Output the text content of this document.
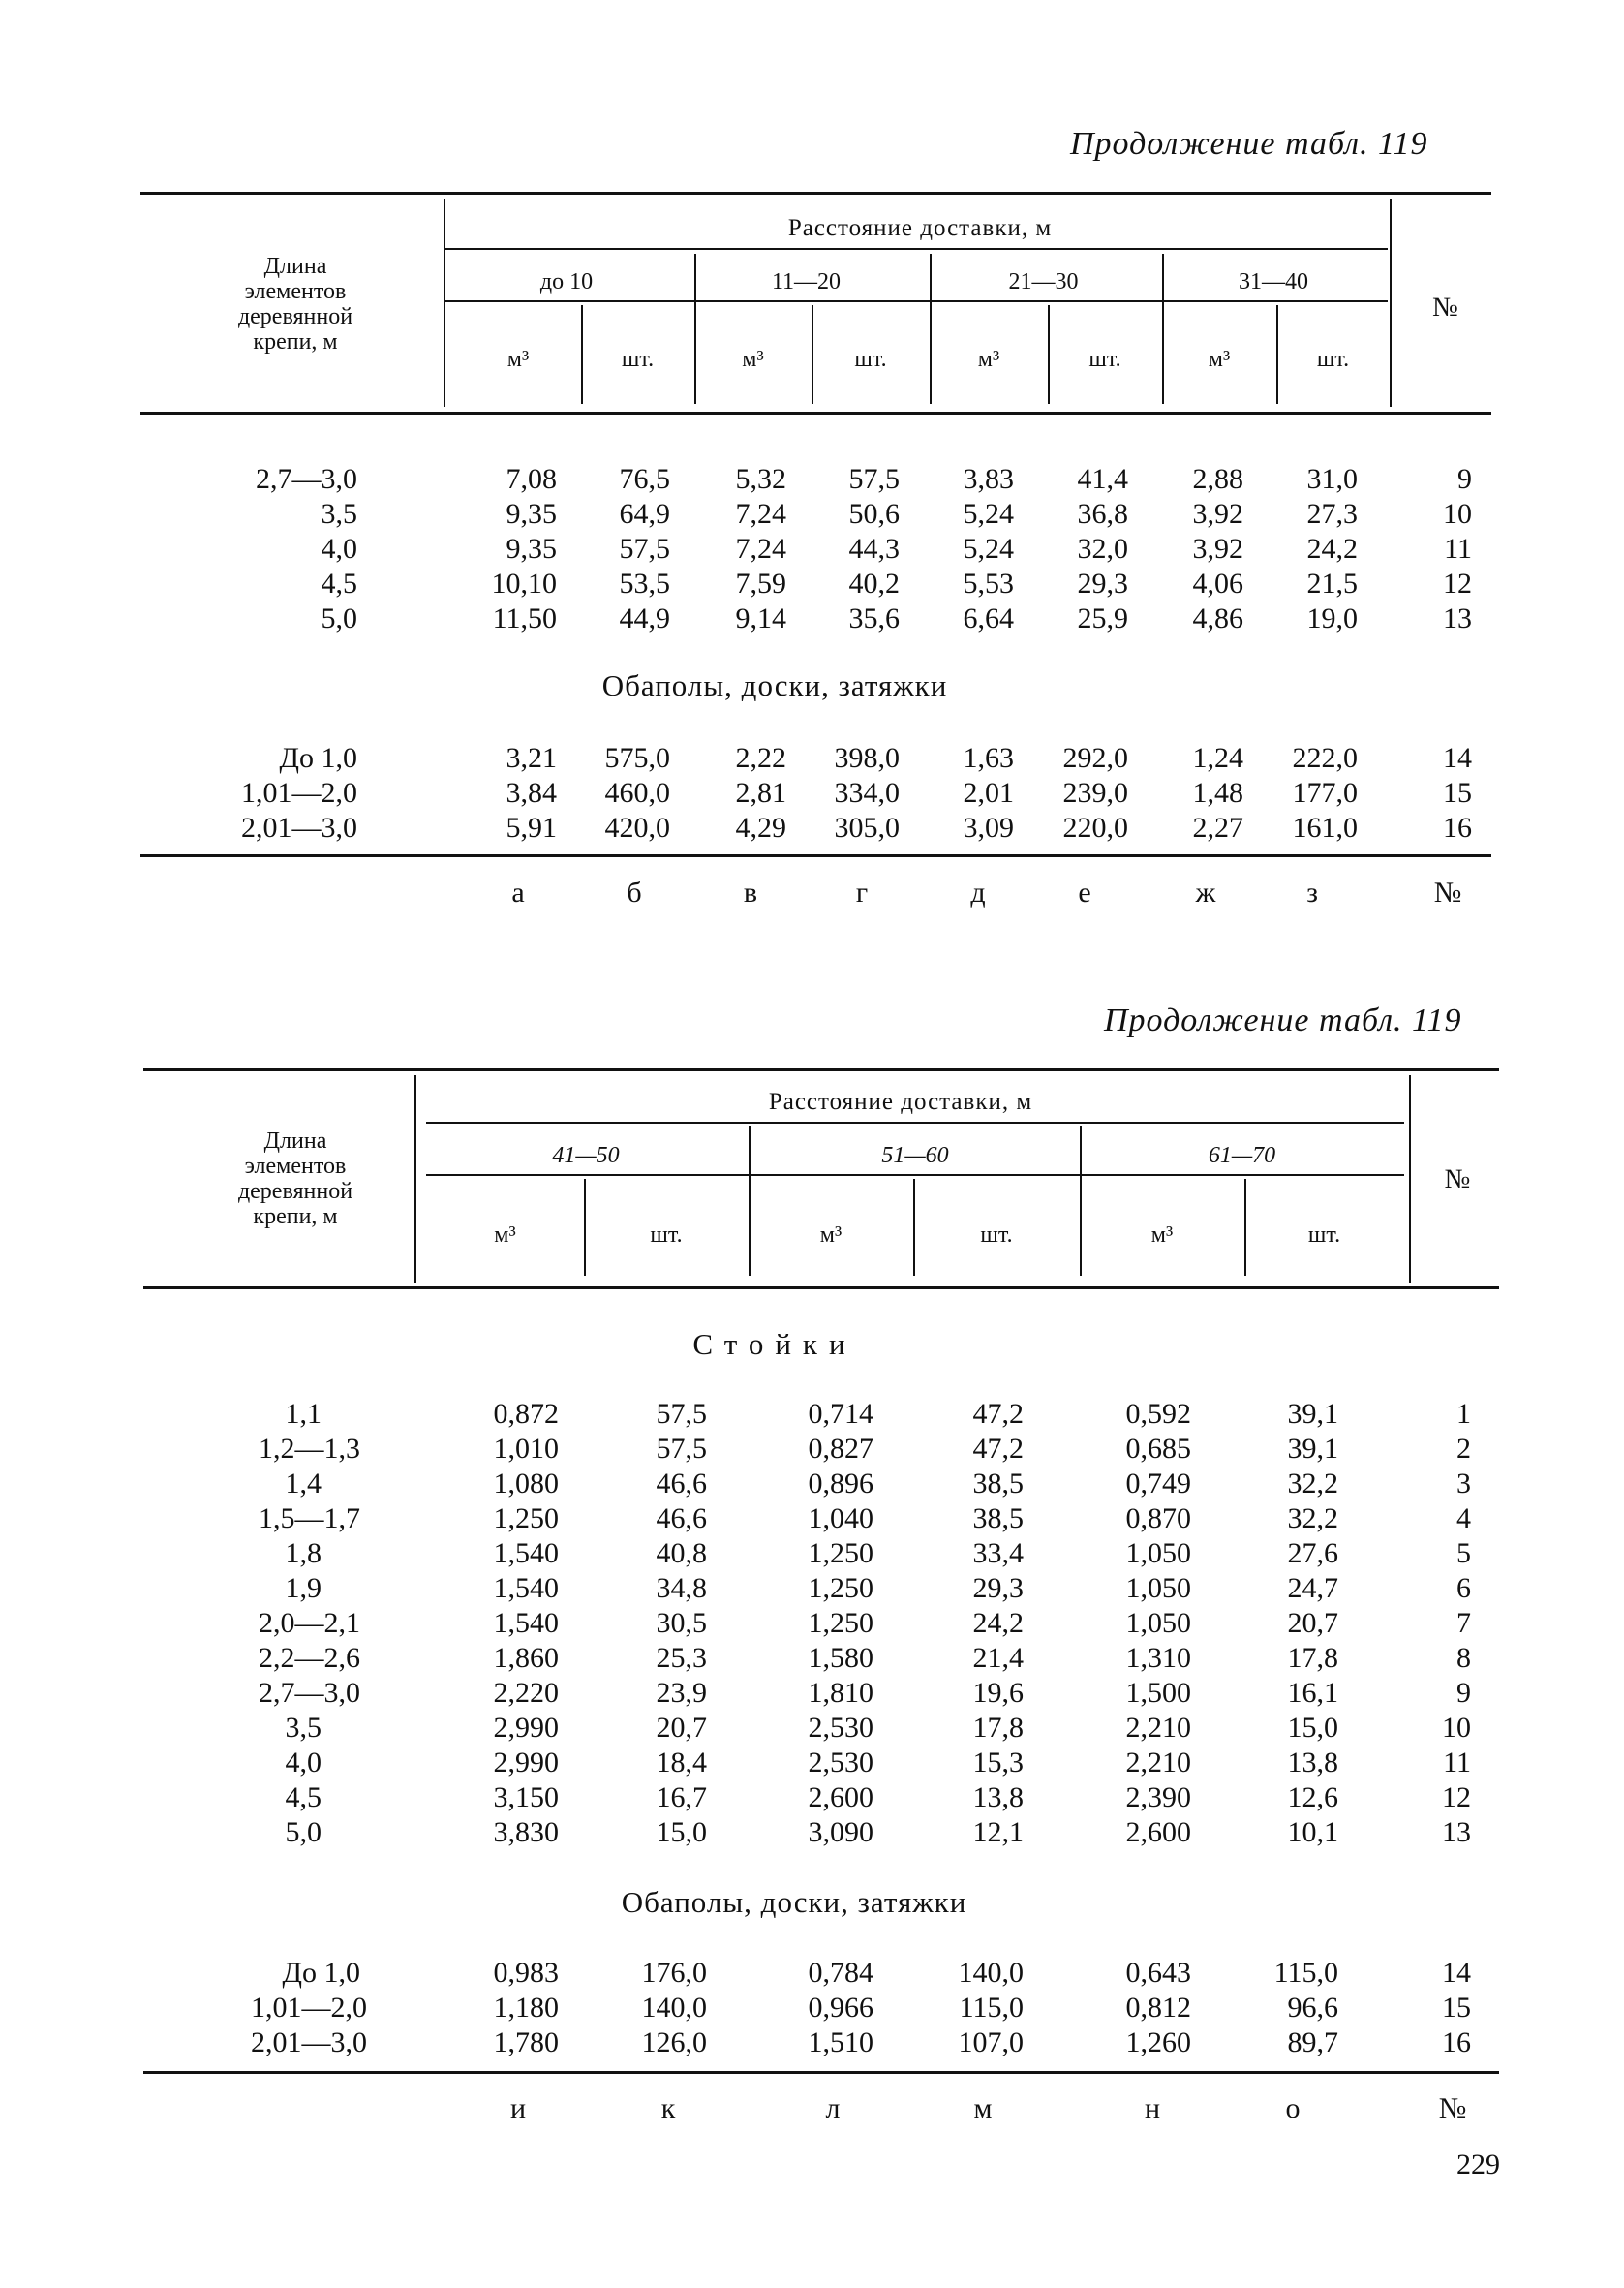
Продолжение табл. 119
Длина
элементов
деревянной
крепи, м
Расстояние доставки, м
до 10	11—20	21—30	31—40
м³	шт.	м³	шт.	м³	шт.	м³	шт.
№
2,7—3,0	7,08 76,5 5,32 57,5 3,83 41,4 2,88 31,0	9
3,5	9,35 64,9 7,24 50,6 5,24 36,8 3,92 27,3	10
4,0	9,35 57,5 7,24 44,3 5,24 32,0 3,92 24,2	11
4,5	10,10 53,5 7,59 40,2 5,53 29,3 4,06 21,5	12
5,0	11,50 44,9 9,14 35,6 6,64 25,9 4,86 19,0	13
Обаполы, доски, затяжки
До 1,0	3,21 575,0 2,22 398,0 1,63 292,0 1,24 222,0	14
1,01—2,0	3,84 460,0 2,81 334,0 2,01 239,0 1,48 177,0	15
2,01—3,0	5,91 420,0 4,29 305,0 3,09 220,0 2,27 161,0	16
а	б	в	г	д	е	ж	з	№
Продолжение табл. 119
Длина
элементов
деревянной
крепи, м
Расстояние доставки, м
41—50	51—60	61—70
м³	шт.	м³	шт.	м³	шт.
№
Стойки
1,1	0,872	57,5	0,714	47,2	0,592	39,1	1
1,2—1,3	1,010	57,5	0,827	47,2	0,685	39,1	2
1,4	1,080	46,6	0,896	38,5	0,749	32,2	3
1,5—1,7	1,250	46,6	1,040	38,5	0,870	32,2	4
1,8	1,540	40,8	1,250	33,4	1,050	27,6	5
1,9	1,540	34,8	1,250	29,3	1,050	24,7	6
2,0—2,1	1,540	30,5	1,250	24,2	1,050	20,7	7
2,2—2,6	1,860	25,3	1,580	21,4	1,310	17,8	8
2,7—3,0	2,220	23,9	1,810	19,6	1,500	16,1	9
3,5	2,990	20,7	2,530	17,8	2,210	15,0	10
4,0	2,990	18,4	2,530	15,3	2,210	13,8	11
4,5	3,150	16,7	2,600	13,8	2,390	12,6	12
5,0	3,830	15,0	3,090	12,1	2,600	10,1	13
Обаполы, доски, затяжки
До 1,0	0,983	176,0	0,784	140,0	0,643	115,0	14
1,01—2,0	1,180	140,0	0,966	115,0	0,812	96,6	15
2,01—3,0	1,780	126,0	1,510	107,0	1,260	89,7	16
и	к	л	м	н	о	№
229
